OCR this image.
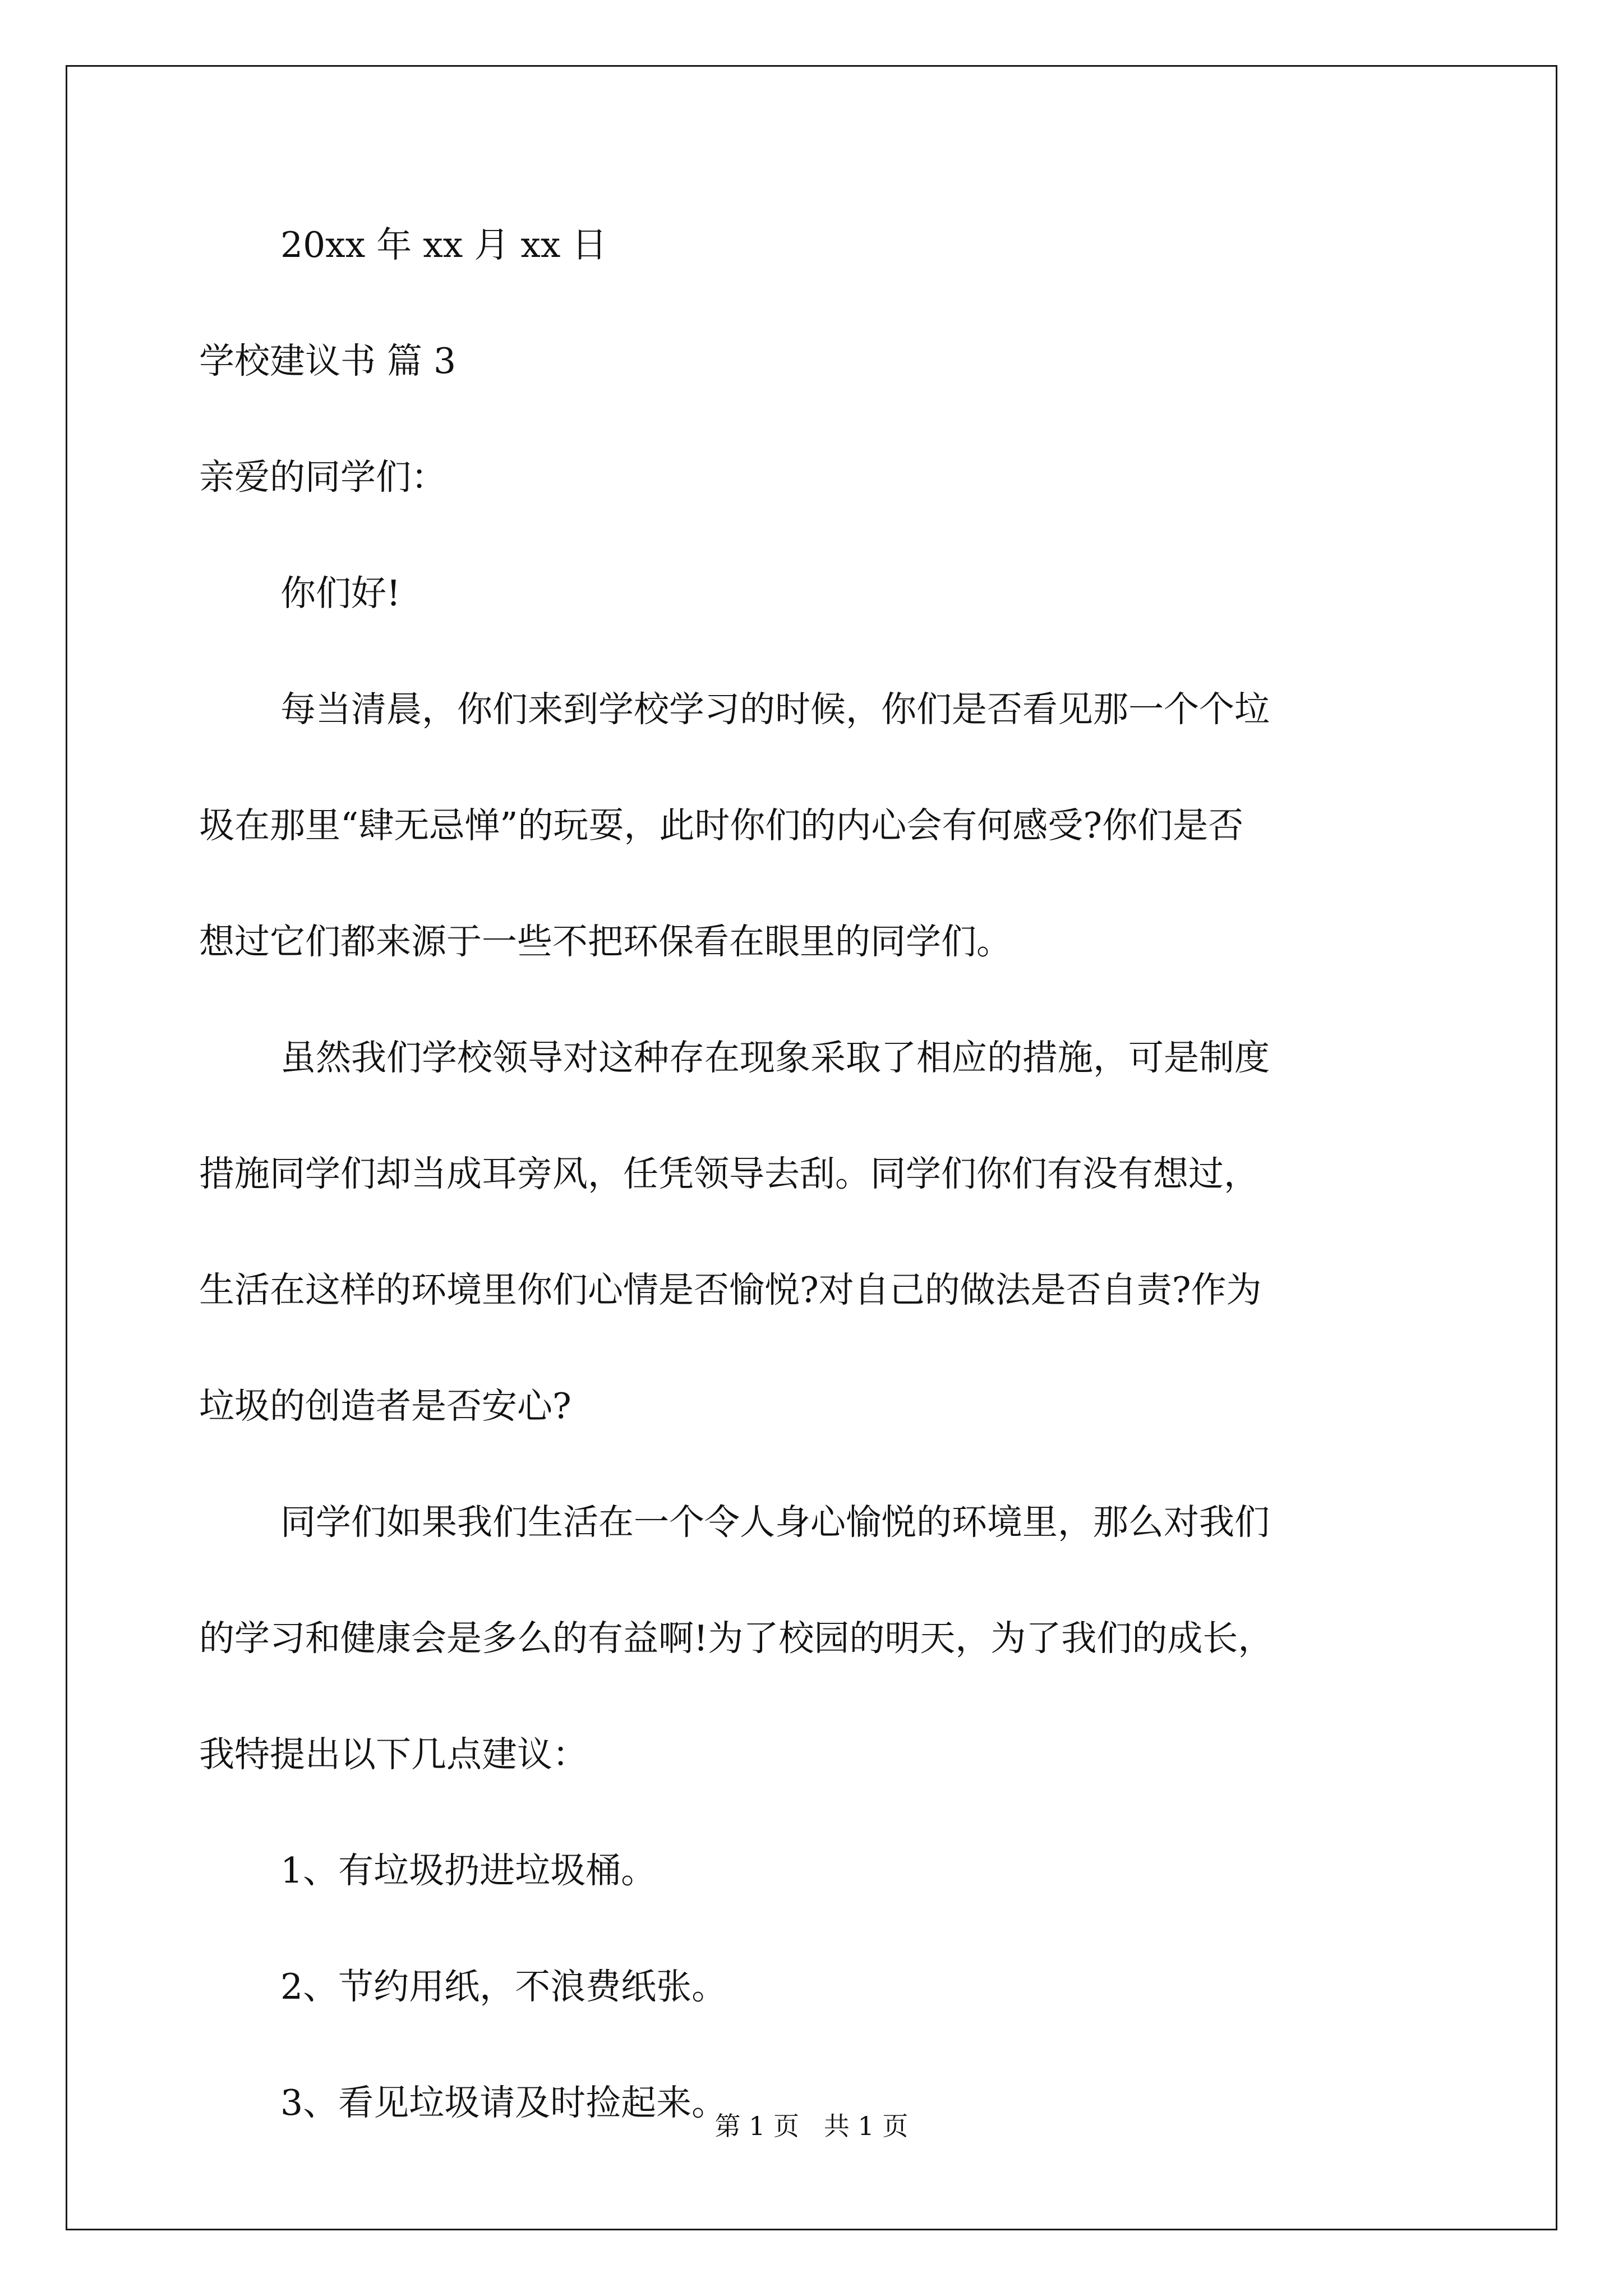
20xx 年 xx 月 xx 日
学校建议书 篇 3
亲爱的同学们：
你们好!
每当清晨，你们来到学校学习的时候，你们是否看见那一个个垃
圾在那里“肆无忌惮”的玩耍，此时你们的内心会有何感受?你们是否
想过它们都来源于一些不把环保看在眼里的同学们。
虽然我们学校领导对这种存在现象采取了相应的措施，可是制度
措施同学们却当成耳旁风，任凭领导去刮。同学们你们有没有想过，
生活在这样的环境里你们心情是否愉悦?对自己的做法是否自责?作为
垃圾的创造者是否安心?
同学们如果我们生活在一个令人身心愉悦的环境里，那么对我们
的学习和健康会是多么的有益啊!为了校园的明天，为了我们的成长，
我特提出以下几点建议：
1、有垃圾扔进垃圾桶。
2、节约用纸，不浪费纸张。
3、看见垃圾请及时捡起来。
第 1 页   共 1 页
